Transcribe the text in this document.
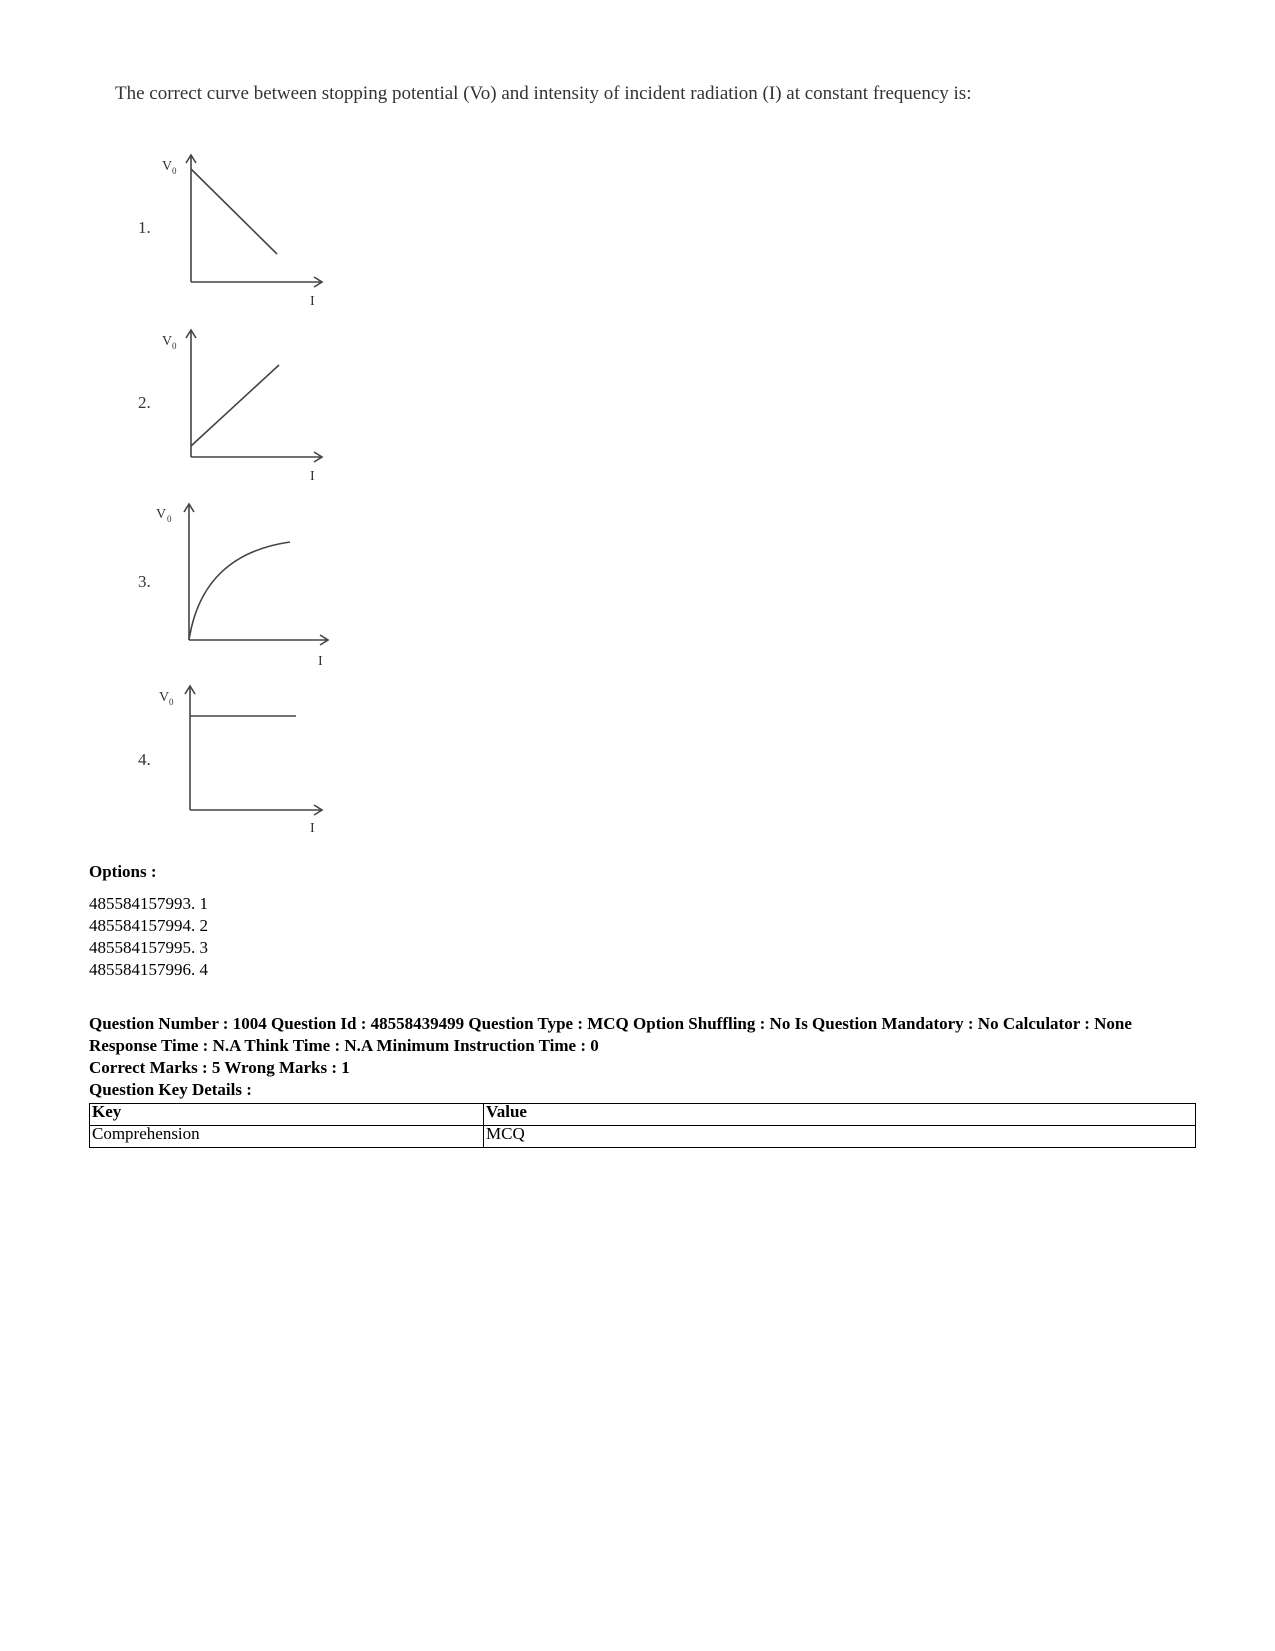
The correct curve between stopping potential (Vo) and intensity of incident radiation (I) at constant frequency is:
1.
V 0
I
2.
V 0
I
3.
V 0
I
4.
V 0
I
Options :
485584157993. 1
485584157994. 2
485584157995. 3
485584157996. 4
Question Number : 1004 Question Id : 48558439499 Question Type : MCQ Option Shuffling : No Is Question Mandatory : No Calculator : None
Response Time : N.A Think Time : N.A Minimum Instruction Time : 0
Correct Marks : 5 Wrong Marks : 1
Question Key Details :
Key	Value
Comprehension	MCQ
